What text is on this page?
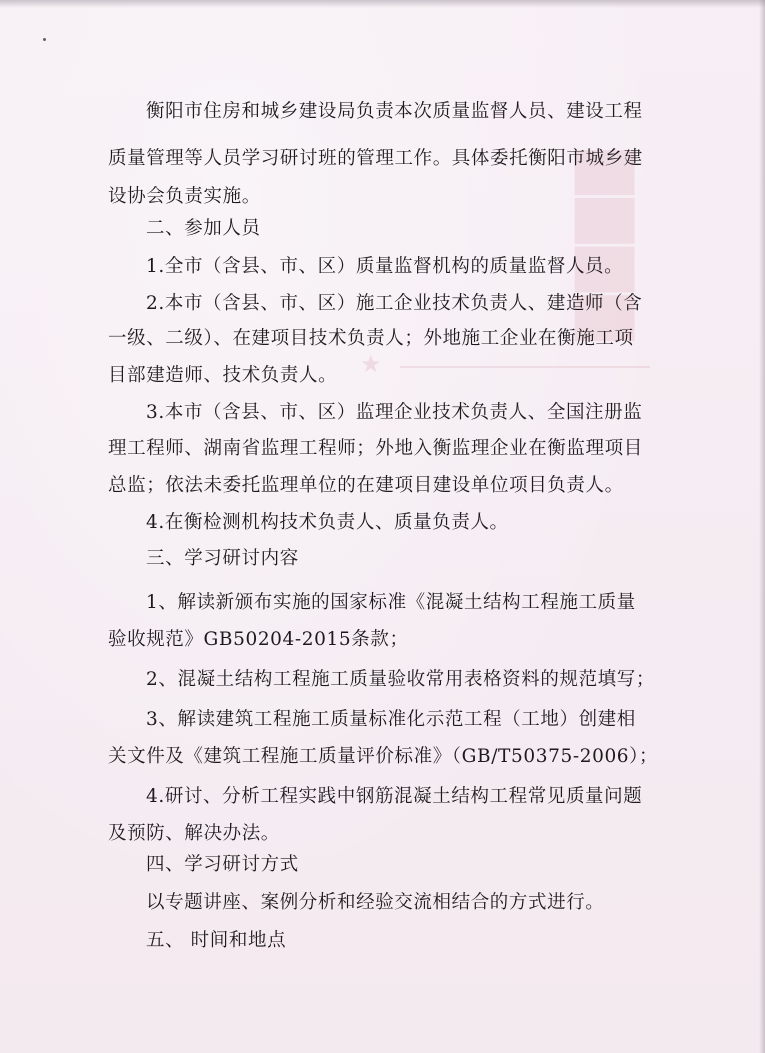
▇▇▇▇
★
衡阳市住房和城乡建设局负责本次质量监督人员、建设工程
质量管理等人员学习研讨班的管理工作。具体委托衡阳市城乡建
设协会负责实施。
二、参加人员
1.全市（含县、市、区）质量监督机构的质量监督人员。
2.本市（含县、市、区）施工企业技术负责人、建造师（含
一级、二级）、在建项目技术负责人；外地施工企业在衡施工项
目部建造师、技术负责人。
3.本市（含县、市、区）监理企业技术负责人、全国注册监
理工程师、湖南省监理工程师；外地入衡监理企业在衡监理项目
总监；依法未委托监理单位的在建项目建设单位项目负责人。
4.在衡检测机构技术负责人、质量负责人。
三、学习研讨内容
1、解读新颁布实施的国家标准《混凝土结构工程施工质量
验收规范》GB50204-2015条款；
2、混凝土结构工程施工质量验收常用表格资料的规范填写；
3、解读建筑工程施工质量标准化示范工程（工地）创建相
关文件及《建筑工程施工质量评价标准》（GB/T50375-2006）；
4.研讨、分析工程实践中钢筋混凝土结构工程常见质量问题
及预防、解决办法。
四、学习研讨方式
以专题讲座、案例分析和经验交流相结合的方式进行。
五、 时间和地点
